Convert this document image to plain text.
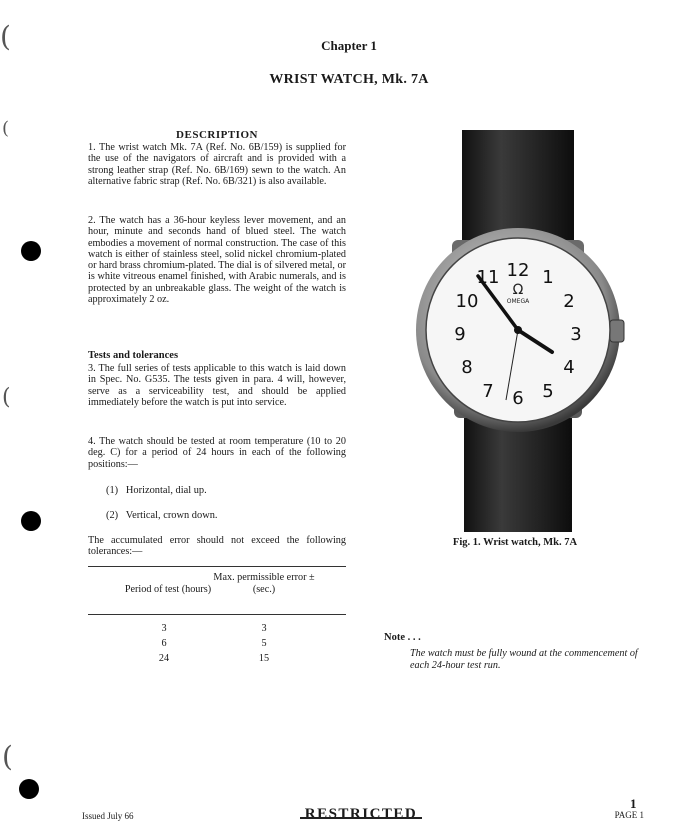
(
(
(
(
Chapter 1
WRIST WATCH, Mk. 7A
DESCRIPTION

1. The wrist watch Mk. 7A (Ref. No. 6B/159) is supplied for the use of the navigators of aircraft and is provided with a strong leather strap (Ref. No. 6B/169) sewn to the watch. An alternative fabric strap (Ref. No. 6B/321) is also available.

2. The watch has a 36-hour keyless lever movement, and an hour, minute and seconds hand of blued steel. The watch embodies a movement of normal construction. The case of this watch is either of stainless steel, solid nickel chromium-plated or hard brass chromium-plated. The dial is of silvered metal, or is white vitreous enamel finished, with Arabic numerals, and is protected by an unbreakable glass. The weight of the watch is approximately 2 oz.

Tests and tolerances

3. The full series of tests applicable to this watch is laid down in Spec. No. G535. The tests given in para. 4 will, however, serve as a serviceability test, and should be applied immediately before the watch is put into service.

4. The watch should be tested at room temperature (10 to 20 deg. C) for a period of 24 hours in each of the following positions:—

(1) Horizontal, dial up.
(2) Vertical, crown down.

The accumulated error should not exceed the following tolerances:—

Period of test (hours)
Max. permissible error ± (sec.)
3	3
6	5
24	15
12 1
2
3
4
5
6
7
8
9
10
11
Ω
OMEGA
Fig. 1. Wrist watch, Mk. 7A
Note . . .
The watch must be fully wound at the commencement of each 24-hour test run.
Issued July 66	RESTRICTED
1
PAGE 1
